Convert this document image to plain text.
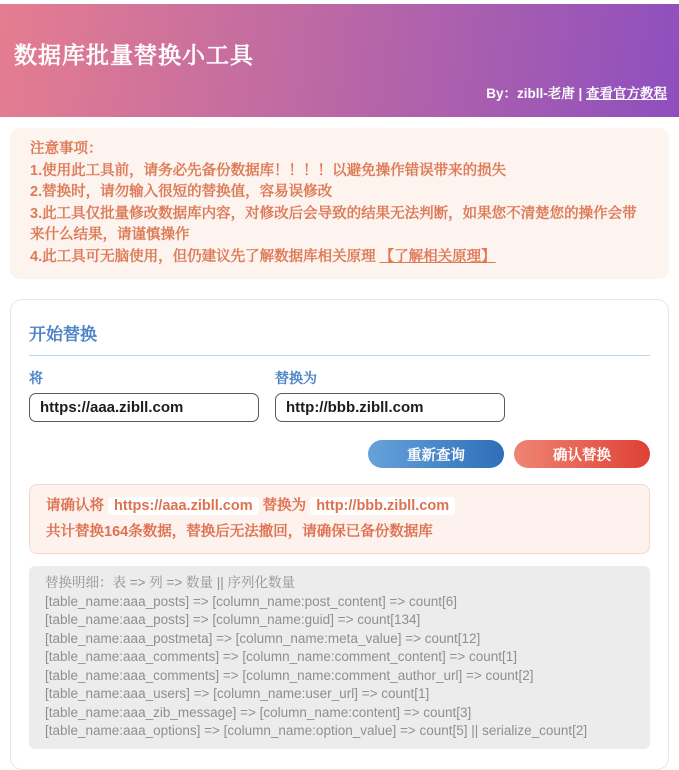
数据库批量替换小工具
By：zibll-老唐 | 查看官方教程
注意事项：
1.使用此工具前，请务必先备份数据库！！！！以避免操作错误带来的损失
2.替换时，请勿输入很短的替换值，容易误修改
3.此工具仅批量修改数据库内容，对修改后会导致的结果无法判断，如果您不清楚您的操作会带来什么结果，请谨慎操作
4.此工具可无脑使用，但仍建议先了解数据库相关原理 【了解相关原理】
开始替换
将
https://aaa.zibll.com	替换为
http://bbb.zibll.com
重新查询	确认替换
请确认将 https://aaa.zibll.com 替换为 http://bbb.zibll.com
共计替换164条数据，替换后无法撤回，请确保已备份数据库
替换明细：表 => 列 => 数量 || 序列化数量
[table_name:aaa_posts] => [column_name:post_content] => count[6]
[table_name:aaa_posts] => [column_name:guid] => count[134]
[table_name:aaa_postmeta] => [column_name:meta_value] => count[12]
[table_name:aaa_comments] => [column_name:comment_content] => count[1]
[table_name:aaa_comments] => [column_name:comment_author_url] => count[2]
[table_name:aaa_users] => [column_name:user_url] => count[1]
[table_name:aaa_zib_message] => [column_name:content] => count[3]
[table_name:aaa_options] => [column_name:option_value] => count[5] || serialize_count[2]
